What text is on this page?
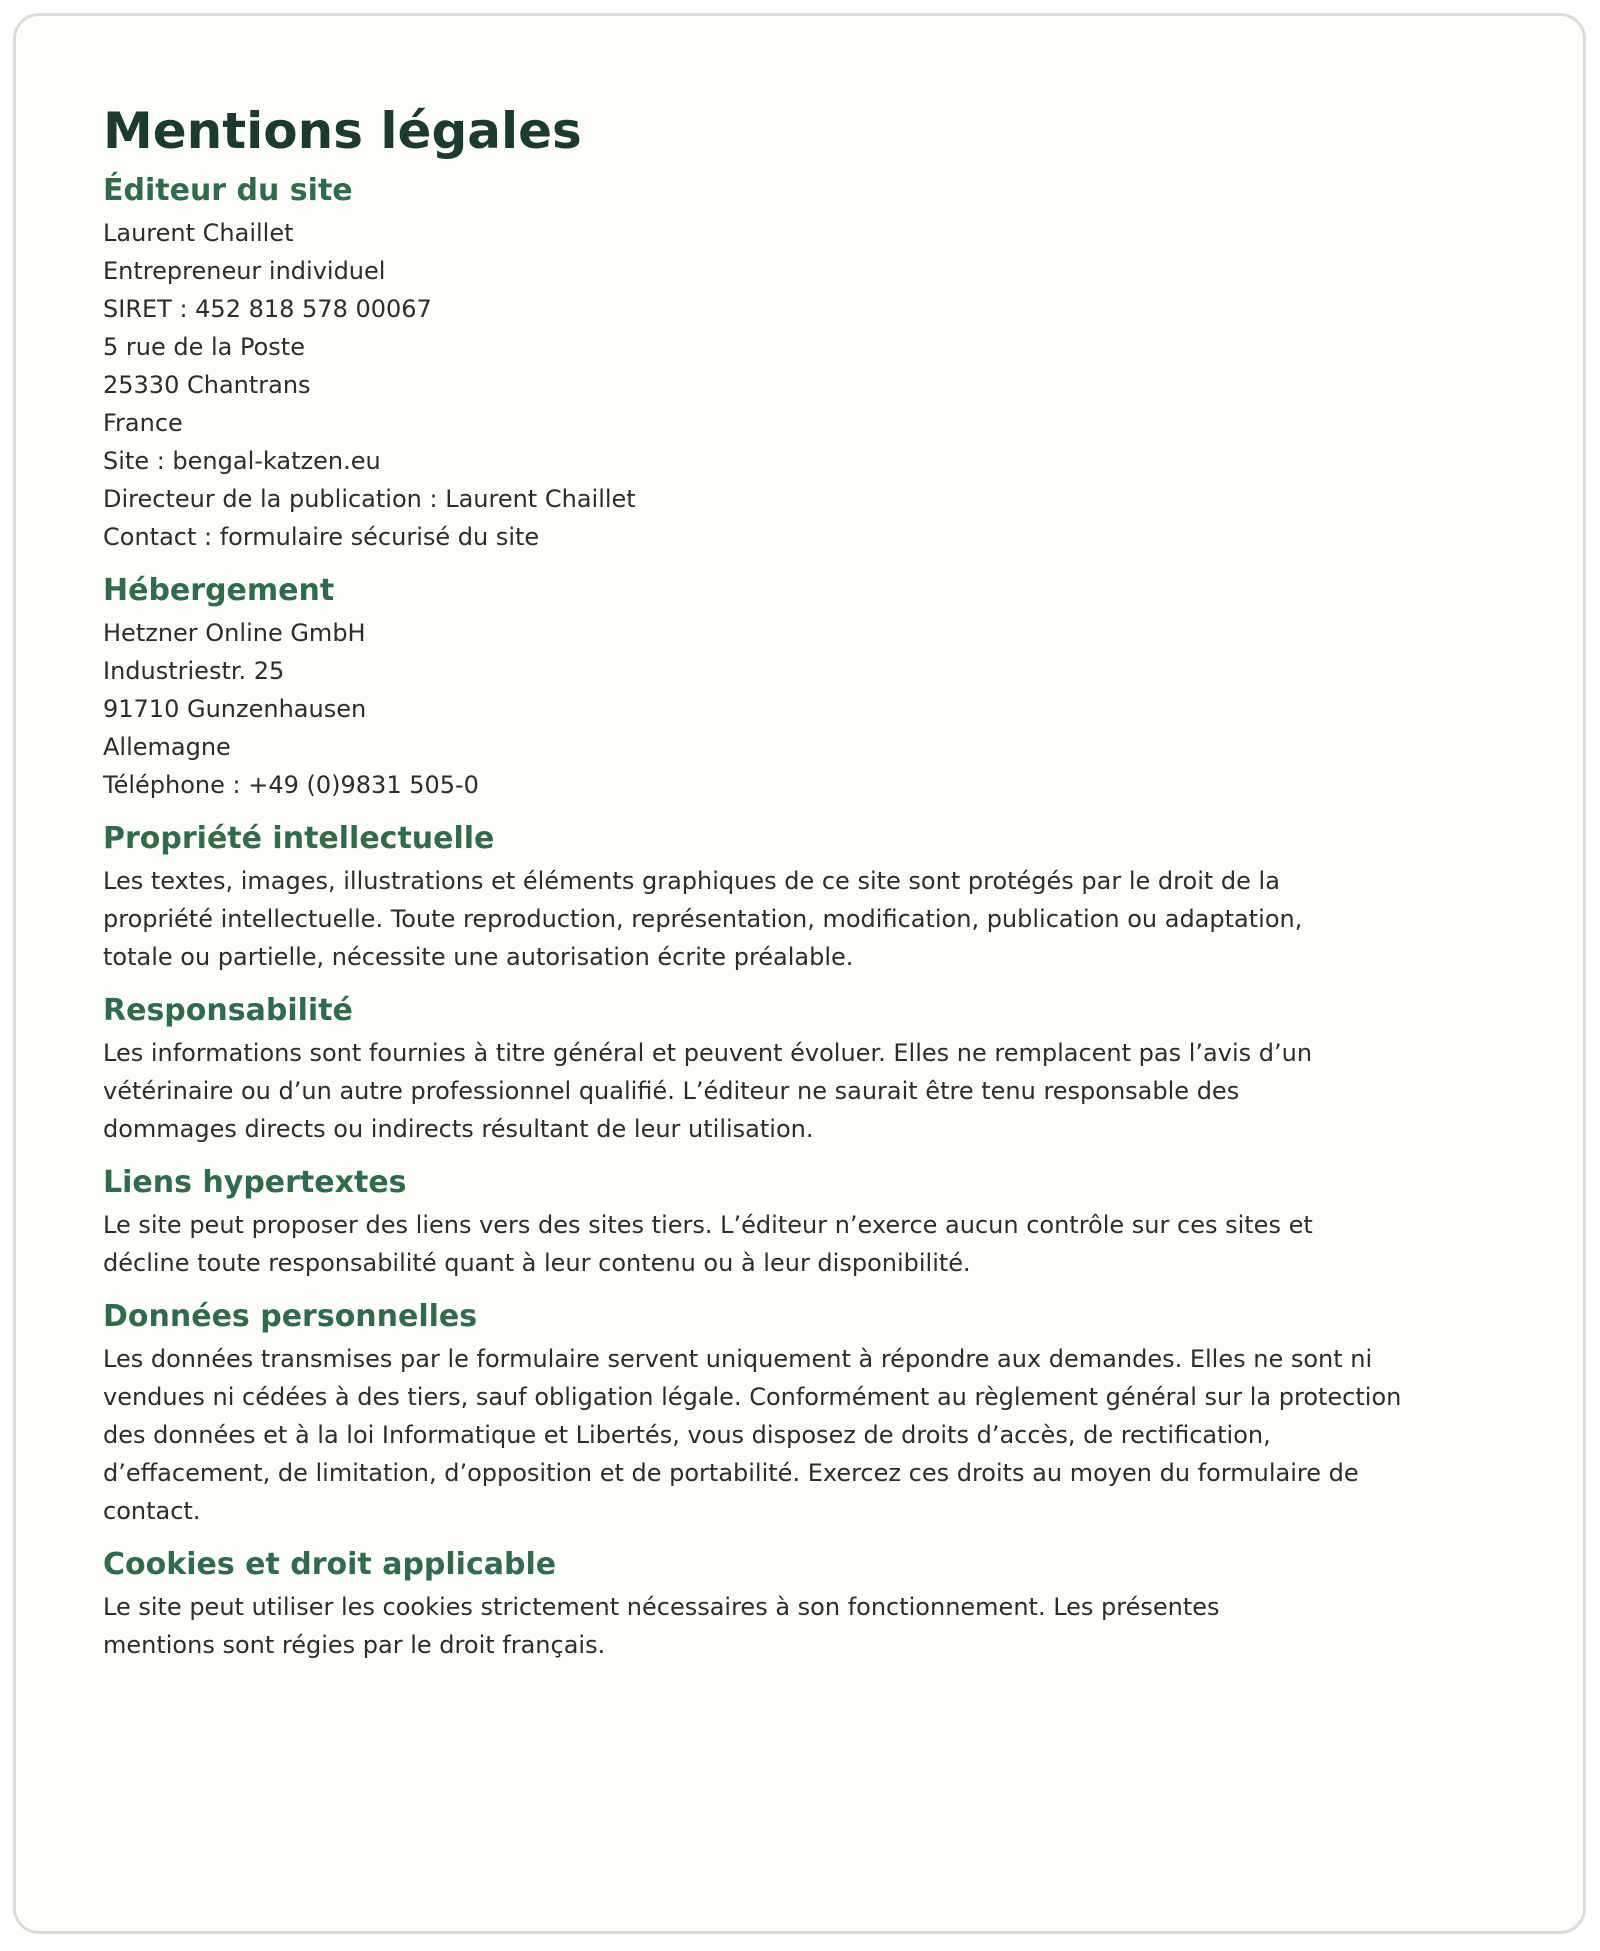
Mentions légales
Éditeur du site
Laurent Chaillet
Entrepreneur individuel
SIRET : 452 818 578 00067
5 rue de la Poste
25330 Chantrans
France
Site : bengal-katzen.eu
Directeur de la publication : Laurent Chaillet
Contact : formulaire sécurisé du site
Hébergement
Hetzner Online GmbH
Industriestr. 25
91710 Gunzenhausen
Allemagne
Téléphone : +49 (0)9831 505-0
Propriété intellectuelle

Les textes, images, illustrations et éléments graphiques de ce site sont protégés par le droit de la propriété intellectuelle. Toute reproduction, représentation, modification, publication ou adaptation, totale ou partielle, nécessite une autorisation écrite préalable.

Responsabilité

Les informations sont fournies à titre général et peuvent évoluer. Elles ne remplacent pas l’avis d’un vétérinaire ou d’un autre professionnel qualifié. L’éditeur ne saurait être tenu responsable des dommages directs ou indirects résultant de leur utilisation.

Liens hypertextes

Le site peut proposer des liens vers des sites tiers. L’éditeur n’exerce aucun contrôle sur ces sites et décline toute responsabilité quant à leur contenu ou à leur disponibilité.

Données personnelles

Les données transmises par le formulaire servent uniquement à répondre aux demandes. Elles ne sont ni vendues ni cédées à des tiers, sauf obligation légale. Conformément au règlement général sur la protection des données et à la loi Informatique et Libertés, vous disposez de droits d’accès, de rectification, d’effacement, de limitation, d’opposition et de portabilité. Exercez ces droits au moyen du formulaire de contact.

Cookies et droit applicable

Le site peut utiliser les cookies strictement nécessaires à son fonctionnement. Les présentes mentions sont régies par le droit français.
